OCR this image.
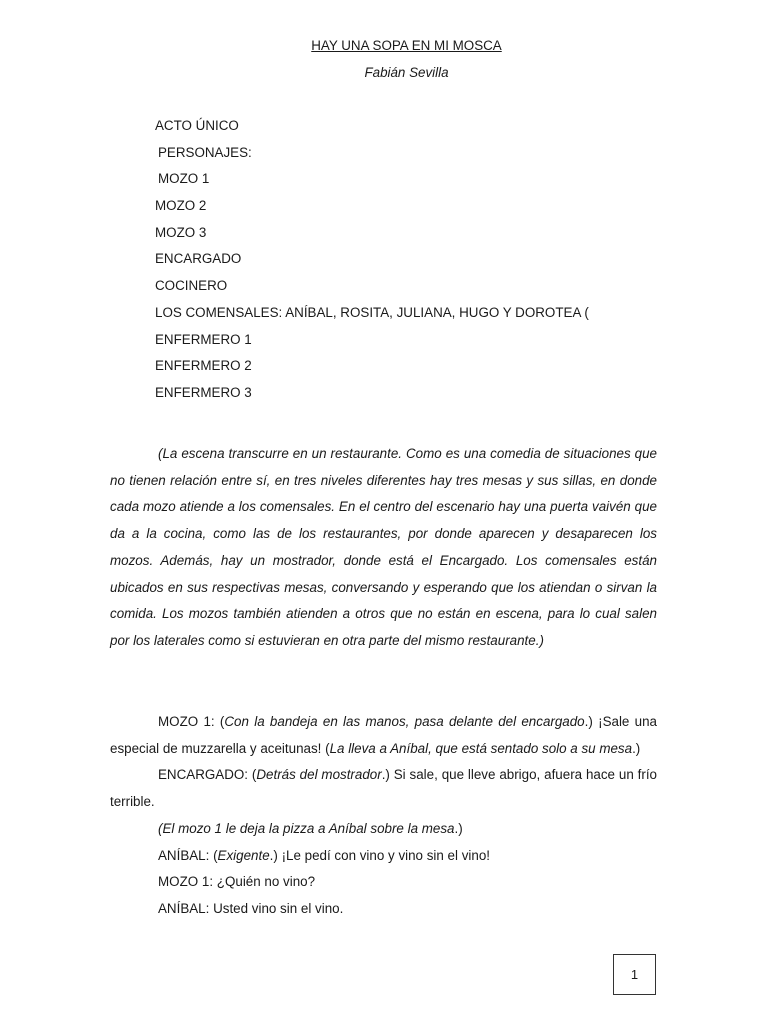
HAY UNA SOPA EN MI MOSCA
Fabián Sevilla
ACTO ÚNICO
PERSONAJES:
MOZO 1
MOZO 2
MOZO 3
ENCARGADO
COCINERO
LOS COMENSALES: ANÍBAL, ROSITA, JULIANA, HUGO Y DOROTEA (
ENFERMERO 1
ENFERMERO 2
ENFERMERO 3
(La escena transcurre en un restaurante. Como es una comedia de situaciones que no tienen relación entre sí, en tres niveles diferentes hay tres mesas y sus sillas, en donde cada mozo atiende a los comensales. En el centro del escenario hay una puerta vaivén que da a la cocina, como las de los restaurantes, por donde aparecen y desaparecen los mozos. Además, hay un mostrador, donde está el Encargado. Los comensales están ubicados en sus respectivas mesas, conversando y esperando que los atiendan o sirvan la comida. Los mozos también atienden a otros que no están en escena, para lo cual salen por los laterales como si estuvieran en otra parte del mismo restaurante.)

MOZO 1: (Con la bandeja en las manos, pasa delante del encargado.) ¡Sale una especial de muzzarella y aceitunas! (La lleva a Aníbal, que está sentado solo a su mesa.)

ENCARGADO: (Detrás del mostrador.) Si sale, que lleve abrigo, afuera hace un frío terrible.

(El mozo 1 le deja la pizza a Aníbal sobre la mesa.)

ANÍBAL: (Exigente.) ¡Le pedí con vino y vino sin el vino!

MOZO 1: ¿Quién no vino?

ANÍBAL: Usted vino sin el vino.

1
